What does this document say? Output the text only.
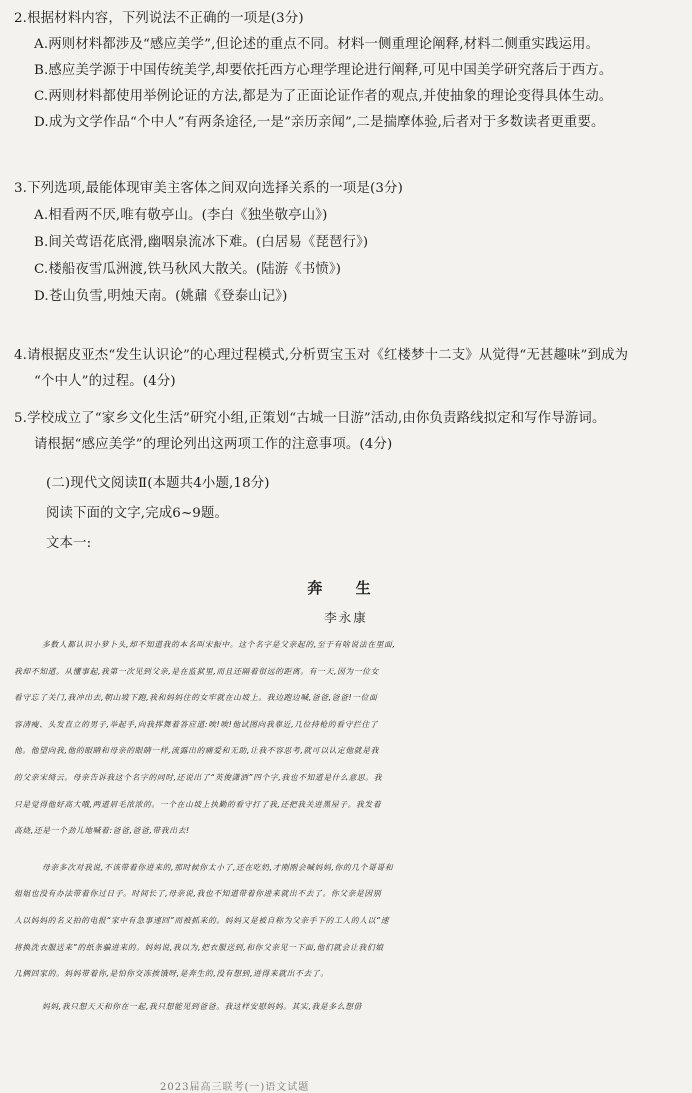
2.根据材料内容，下列说法不正确的一项是(3分)
A.两则材料都涉及“感应美学”,但论述的重点不同。材料一侧重理论阐释,材料二侧重实践运用。
B.感应美学源于中国传统美学,却要依托西方心理学理论进行阐释,可见中国美学研究落后于西方。
C.两则材料都使用举例论证的方法,都是为了正面论证作者的观点,并使抽象的理论变得具体生动。
D.成为文学作品“个中人”有两条途径,一是“亲历亲闻”,二是揣摩体验,后者对于多数读者更重要。
3.下列选项,最能体现审美主客体之间双向选择关系的一项是(3分)
A.相看两不厌,唯有敬亭山。(李白《独坐敬亭山》)
B.间关莺语花底滑,幽咽泉流冰下难。(白居易《琵琶行》)
C.楼船夜雪瓜洲渡,铁马秋风大散关。(陆游《书愤》)
D.苍山负雪,明烛天南。(姚鼐《登泰山记》)
4.请根据皮亚杰“发生认识论”的心理过程模式,分析贾宝玉对《红楼梦十二支》从觉得“无甚趣味”到成为
“个中人”的过程。(4分)
5.学校成立了“家乡文化生活”研究小组,正策划“古城一日游”活动,由你负责路线拟定和写作导游词。
请根据“感应美学”的理论列出这两项工作的注意事项。(4分)
(二)现代文阅读Ⅱ(本题共4小题,18分)
阅读下面的文字,完成6~9题。
文本一:
奔 生
李永康
多数人都认识小萝卜头,却不知道我的本名叫宋振中。这个名字是父亲起的,至于有啥说法在里面,
我却不知道。从懂事起,我第一次见到父亲,是在监狱里,而且还隔着很远的距离。有一天,因为一位女
看守忘了关门,我冲出去,朝山坡下跑,我和妈妈住的女牢就在山坡上。我边跑边喊,爸爸,爸爸!一位面
容清瘦、头发直立的男子,举起手,向我挥舞着答应道:唉!唉!他试图向我靠近,几位持枪的看守拦住了
他。他望向我,他的眼睛和母亲的眼睛一样,流露出的痛爱和无助,让我不容思考,就可以认定他就是我
的父亲宋绮云。母亲告诉我这个名字的同时,还说出了“英俊潇洒”四个字,我也不知道是什么意思。我
只是觉得他好高大哦,两道眉毛浓浓的。一个在山坡上执勤的看守打了我,还把我关进黑屋子。我发着
高烧,还是一个劲儿地喊着:爸爸,爸爸,带我出去!
母亲多次对我说,不该带着你进来的,那时候你太小了,还在吃奶,才刚刚会喊妈妈,你的几个哥哥和
姐姐也没有办法带着你过日子。时间长了,母亲说,我也不知道带着你进来就出不去了。你父亲是因别
人以妈妈的名义拍的电报“家中有急事速回”而被抓来的。妈妈又是被自称为父亲手下的工人的人以“速
将换洗衣服送来”的纸条骗进来的。妈妈说,我以为,把衣服送到,和你父亲见一下面,他们就会让我们娘
几俩回家的。妈妈带着你,是怕你交冻挨饿呀,是奔生的,没有想到,进得来就出不去了。
妈妈,我只想天天和你在一起,我只想能见到爸爸。我这样安慰妈妈。其实,我是多么想借
2023届高三联考(一)语文试题
